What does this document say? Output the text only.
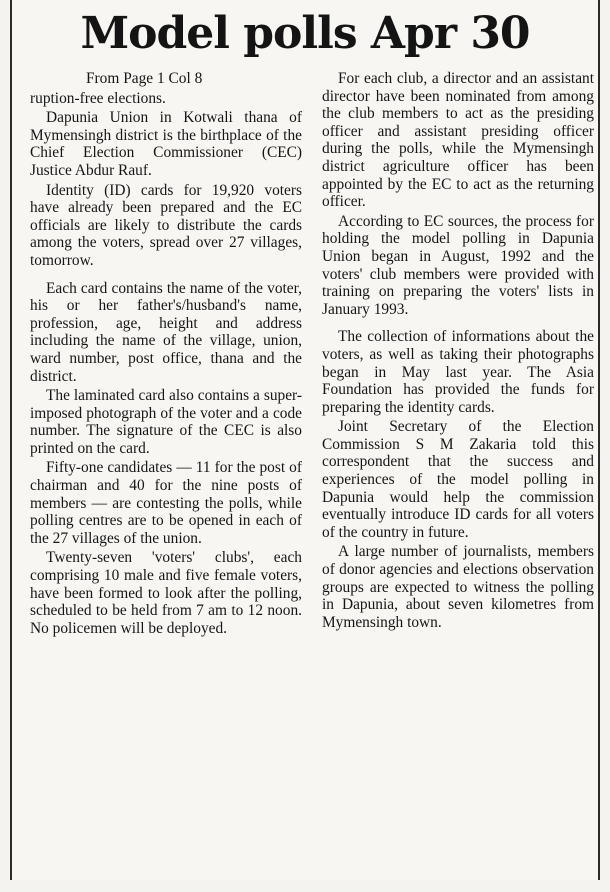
Model polls Apr 30

From Page 1 Col 8

ruption-free elections.

Dapunia Union in Kotwali thana of Mymensingh district is the birthplace of the Chief Election Commissioner (CEC) Justice Abdur Rauf.

Identity (ID) cards for 19,920 voters have already been prepared and the EC officials are likely to distribute the cards among the voters, spread over 27 villages, tomorrow.

Each card contains the name of the voter, his or her father's/husband's name, profession, age, height and address including the name of the village, union, ward number, post office, thana and the district.

The laminated card also contains a super-imposed photograph of the voter and a code number. The signature of the CEC is also printed on the card.

Fifty-one candidates — 11 for the post of chairman and 40 for the nine posts of members — are contesting the polls, while polling centres are to be opened in each of the 27 villages of the union.

Twenty-seven 'voters' clubs', each comprising 10 male and five female voters, have been formed to look after the polling, scheduled to be held from 7 am to 12 noon. No policemen will be deployed.

For each club, a director and an assistant director have been nominated from among the club members to act as the presiding officer and assistant presiding officer during the polls, while the Mymensingh district agriculture officer has been appointed by the EC to act as the returning officer.

According to EC sources, the process for holding the model polling in Dapunia Union began in August, 1992 and the voters' club members were provided with training on preparing the voters' lists in January 1993.

The collection of informations about the voters, as well as taking their photographs began in May last year. The Asia Foundation has provided the funds for preparing the identity cards.

Joint Secretary of the Election Commission S M Zakaria told this correspondent that the success and experiences of the model polling in Dapunia would help the commission eventually introduce ID cards for all voters of the country in future.

A large number of journalists, members of donor agencies and elections observation groups are expected to witness the polling in Dapunia, about seven kilometres from Mymensingh town.
